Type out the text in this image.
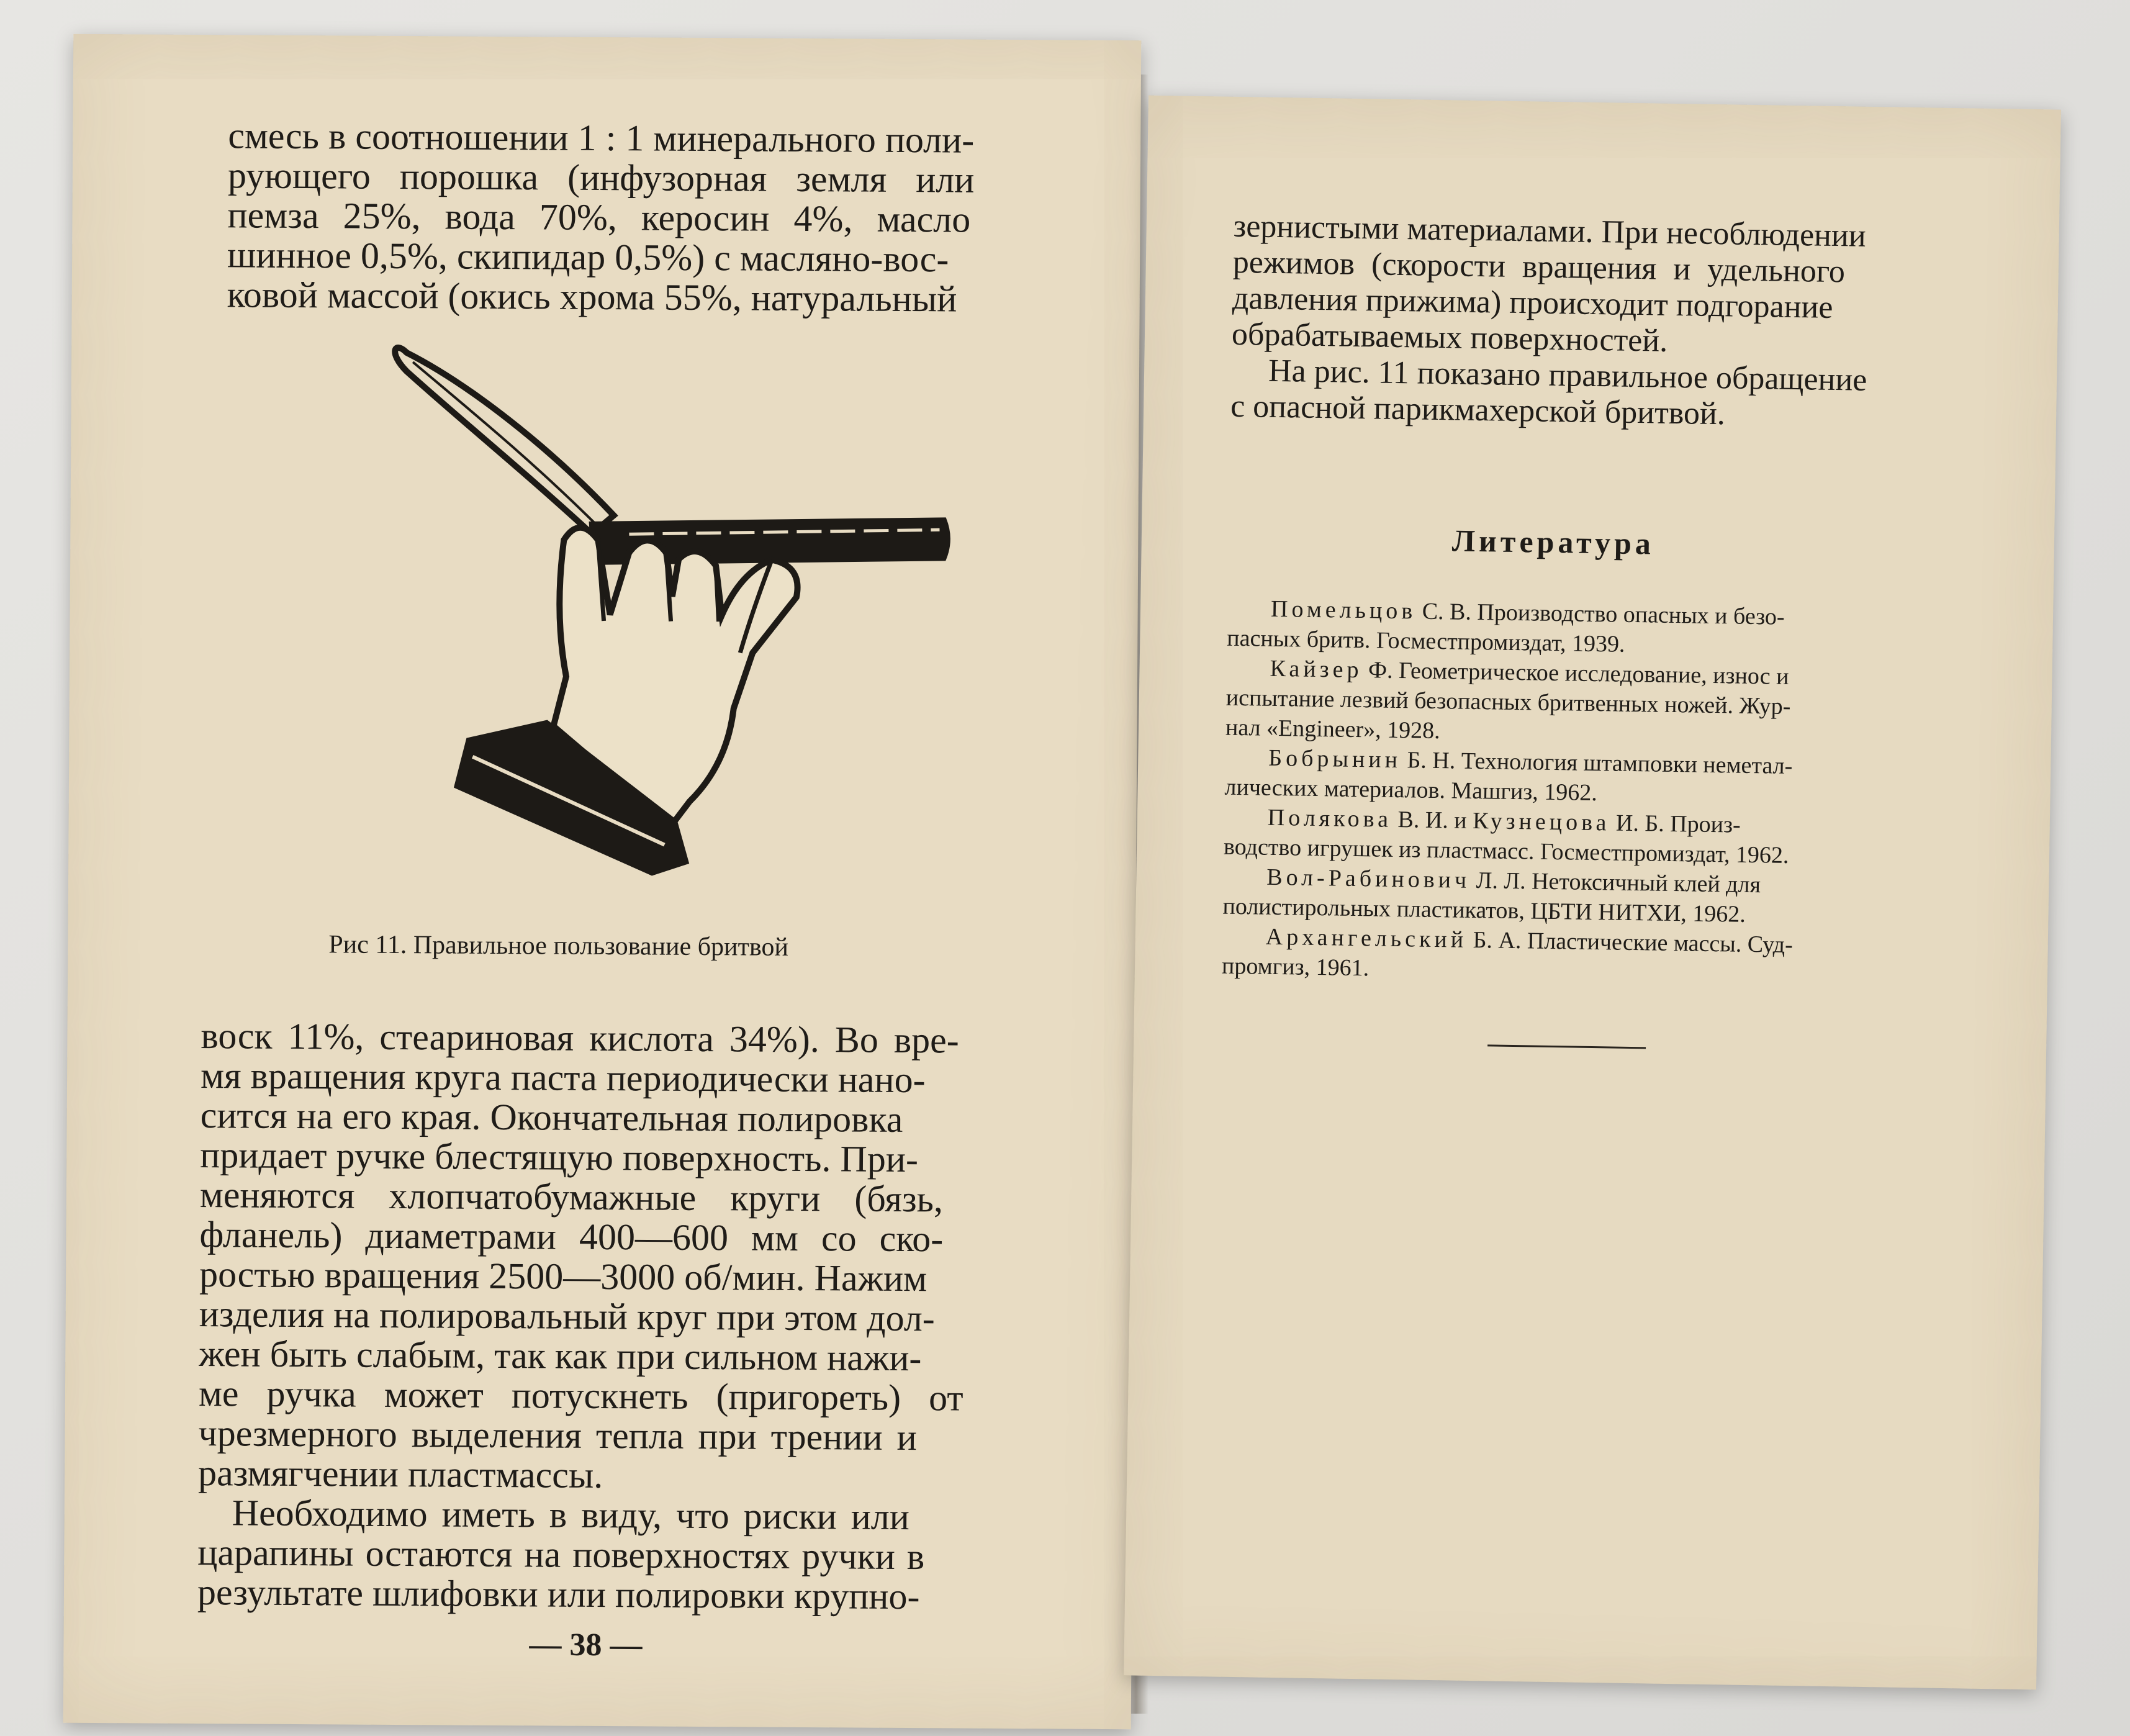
смесь в соотношении 1 : 1 минерального поли-
рующего порошка (инфузорная земля или
пемза 25%, вода 70%, керосин 4%, масло
шинное 0,5%, скипидар 0,5%) с масляно-вос-
ковой массой (окись хрома 55%, натуральный
Рис 11. Правильное пользование бритвой
воск 11%, стеариновая кислота 34%). Во вре-
мя вращения круга паста периодически нано-
сится на его края. Окончательная полировка
придает ручке блестящую поверхность. При-
меняются хлопчатобумажные круги (бязь,
фланель) диаметрами 400—600 мм со ско-
ростью вращения 2500—3000 об/мин. Нажим
изделия на полировальный круг при этом дол-
жен быть слабым, так как при сильном нажи-
ме ручка может потускнеть (пригореть) от
чрезмерного выделения тепла при трении и
размягчении пластмассы.
Необходимо иметь в виду, что риски или
царапины остаются на поверхностях ручки в
результате шлифовки или полировки крупно-
— 38 —
зернистыми материалами. При несоблюдении
режимов (скорости вращения и удельного
давления прижима) происходит подгорание
обрабатываемых поверхностей.
На рис. 11 показано правильное обращение
с опасной парикмахерской бритвой.
Литература
Помельцов С. В. Производство опасных и безо-
пасных бритв. Госместпромиздат, 1939.
Кайзер Ф. Геометрическое исследование, износ и
испытание лезвий безопасных бритвенных ножей. Жур-
нал «Engineer», 1928.
Бобрынин Б. Н. Технология штамповки неметал-
лических материалов. Машгиз, 1962.
Полякова В. И. и Кузнецова И. Б. Произ-
водство игрушек из пластмасс. Госместпромиздат, 1962.
Вол-Рабинович Л. Л. Нетоксичный клей для
полистирольных пластикатов, ЦБТИ НИТХИ, 1962.
Архангельский Б. А. Пластические массы. Суд-
промгиз, 1961.
